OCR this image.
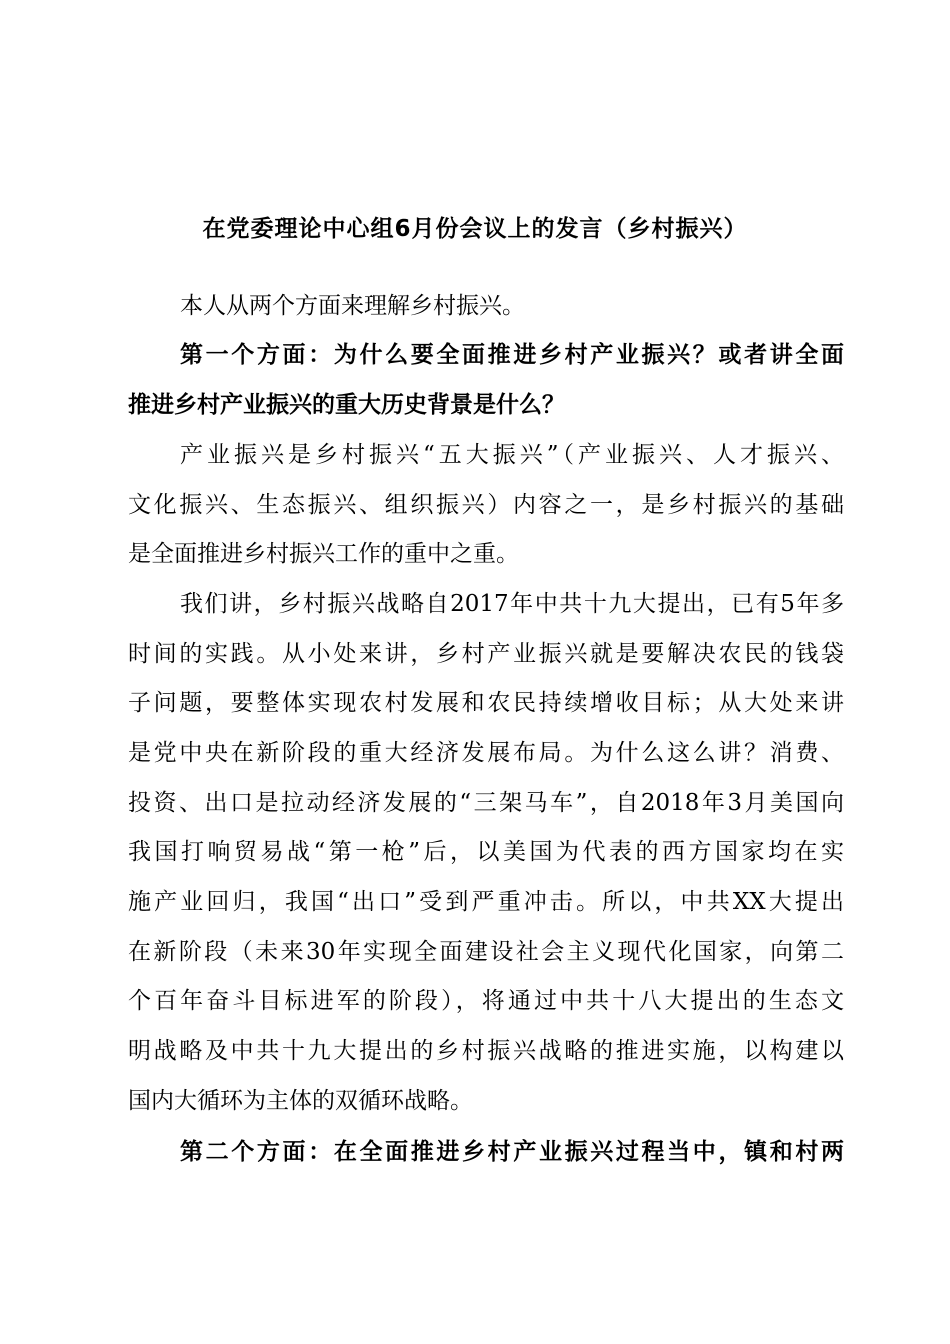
在党委理论中心组6月份会议上的发言（乡村振兴）
本人从两个方面来理解乡村振兴。
第一个方面：为什么要全面推进乡村产业振兴？或者讲全面
推进乡村产业振兴的重大历史背景是什么？
产业振兴是乡村振兴“五大振兴”（产业振兴、人才振兴、
文化振兴、生态振兴、组织振兴）内容之一，是乡村振兴的基础
是全面推进乡村振兴工作的重中之重。
我们讲，乡村振兴战略自2017年中共十九大提出，已有5年多
时间的实践。从小处来讲，乡村产业振兴就是要解决农民的钱袋
子问题，要整体实现农村发展和农民持续增收目标；从大处来讲
是党中央在新阶段的重大经济发展布局。为什么这么讲？消费、
投资、出口是拉动经济发展的“三架马车”，自2018年3月美国向
我国打响贸易战“第一枪”后，以美国为代表的西方国家均在实
施产业回归，我国“出口”受到严重冲击。所以，中共XX大提出
在新阶段（未来30年实现全面建设社会主义现代化国家，向第二
个百年奋斗目标进军的阶段），将通过中共十八大提出的生态文
明战略及中共十九大提出的乡村振兴战略的推进实施，以构建以
国内大循环为主体的双循环战略。
第二个方面：在全面推进乡村产业振兴过程当中，镇和村两
